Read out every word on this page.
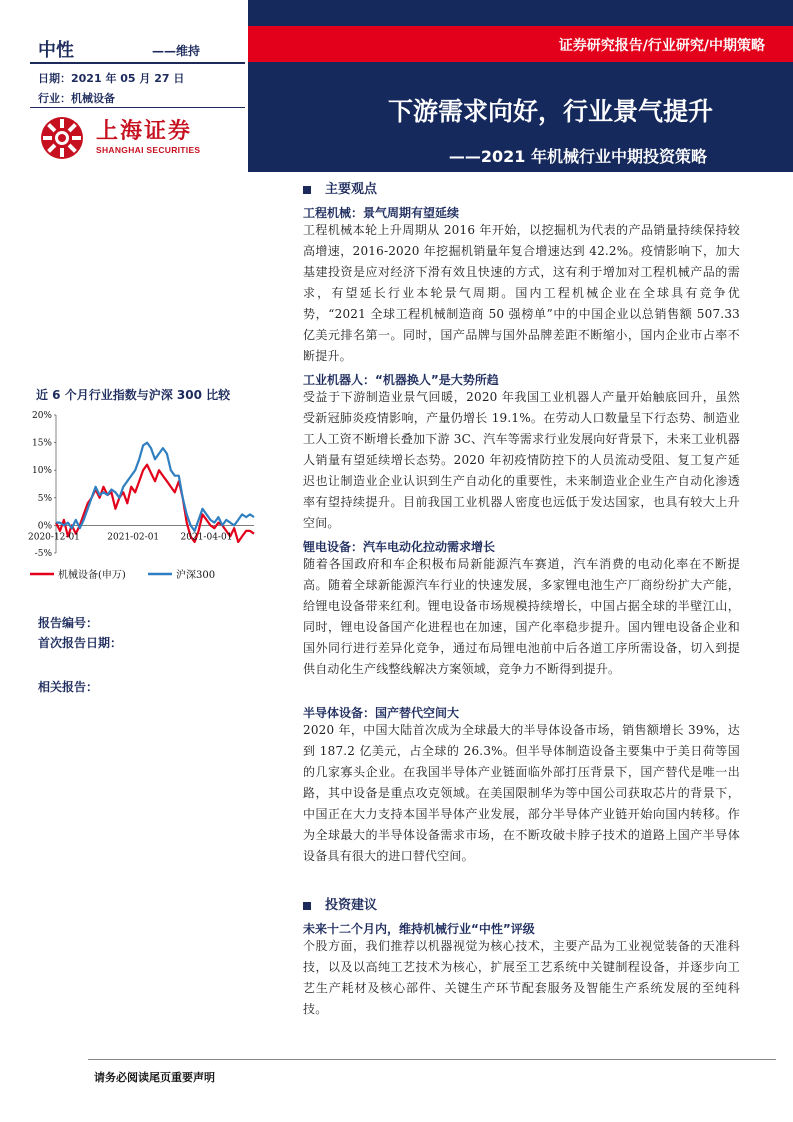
中性	——维持
日期：2021 年 05 月 27 日
行业：机械设备
上海证券
SHANGHAI SECURITIES
证券研究报告/行业研究/中期策略
下游需求向好，行业景气提升
——2021 年机械行业中期投资策略
近 6 个月行业指数与沪深 300 比较
20%
15%
10%
5%
0%
-5%
2020-12-01	2021-02-01 2021-04-01
机械设备(申万)	沪深300
报告编号：
首次报告日期：
相关报告：
主要观点
工程机械：景气周期有望延续
工程机械本轮上升周期从 2016 年开始，以挖掘机为代表的产品销量持续保持较高增速，2016-2020 年挖掘机销量年复合增速达到 42.2%。疫情影响下，加大基建投资是应对经济下滑有效且快速的方式，这有利于增加对工程机械产品的需求，有望延长行业本轮景气周期。国内工程机械企业在全球具有竞争优势，“2021 全球工程机械制造商 50 强榜单”中的中国企业以总销售额 507.33 亿美元排名第一。同时，国产品牌与国外品牌差距不断缩小，国内企业市占率不断提升。
工业机器人：“机器换人”是大势所趋
受益于下游制造业景气回暖，2020 年我国工业机器人产量开始触底回升，虽然受新冠肺炎疫情影响，产量仍增长 19.1%。在劳动人口数量呈下行态势、制造业工人工资不断增长叠加下游 3C、汽车等需求行业发展向好背景下，未来工业机器人销量有望延续增长态势。2020 年初疫情防控下的人员流动受阻、复工复产延迟也让制造业企业认识到生产自动化的重要性，未来制造业企业生产自动化渗透率有望持续提升。目前我国工业机器人密度也远低于发达国家，也具有较大上升空间。
锂电设备：汽车电动化拉动需求增长
随着各国政府和车企积极布局新能源汽车赛道，汽车消费的电动化率在不断提高。随着全球新能源汽车行业的快速发展，多家锂电池生产厂商纷纷扩大产能，给锂电设备带来红利。锂电设备市场规模持续增长，中国占据全球的半壁江山，同时，锂电设备国产化进程也在加速，国产化率稳步提升。国内锂电设备企业和国外同行进行差异化竞争，通过布局锂电池前中后各道工序所需设备，切入到提供自动化生产线整线解决方案领域，竞争力不断得到提升。
半导体设备：国产替代空间大
2020 年，中国大陆首次成为全球最大的半导体设备市场，销售额增长 39%，达到 187.2 亿美元，占全球的 26.3%。但半导体制造设备主要集中于美日荷等国的几家寡头企业。在我国半导体产业链面临外部打压背景下，国产替代是唯一出路，其中设备是重点攻克领域。在美国限制华为等中国公司获取芯片的背景下，中国正在大力支持本国半导体产业发展，部分半导体产业链开始向国内转移。作为全球最大的半导体设备需求市场，在不断攻破卡脖子技术的道路上国产半导体设备具有很大的进口替代空间。
投资建议
未来十二个月内，维持机械行业“中性”评级
个股方面，我们推荐以机器视觉为核心技术，主要产品为工业视觉装备的天准科技，以及以高纯工艺技术为核心，扩展至工艺系统中关键制程设备，并逐步向工艺生产耗材及核心部件、关键生产环节配套服务及智能生产系统发展的至纯科技。
请务必阅读尾页重要声明
